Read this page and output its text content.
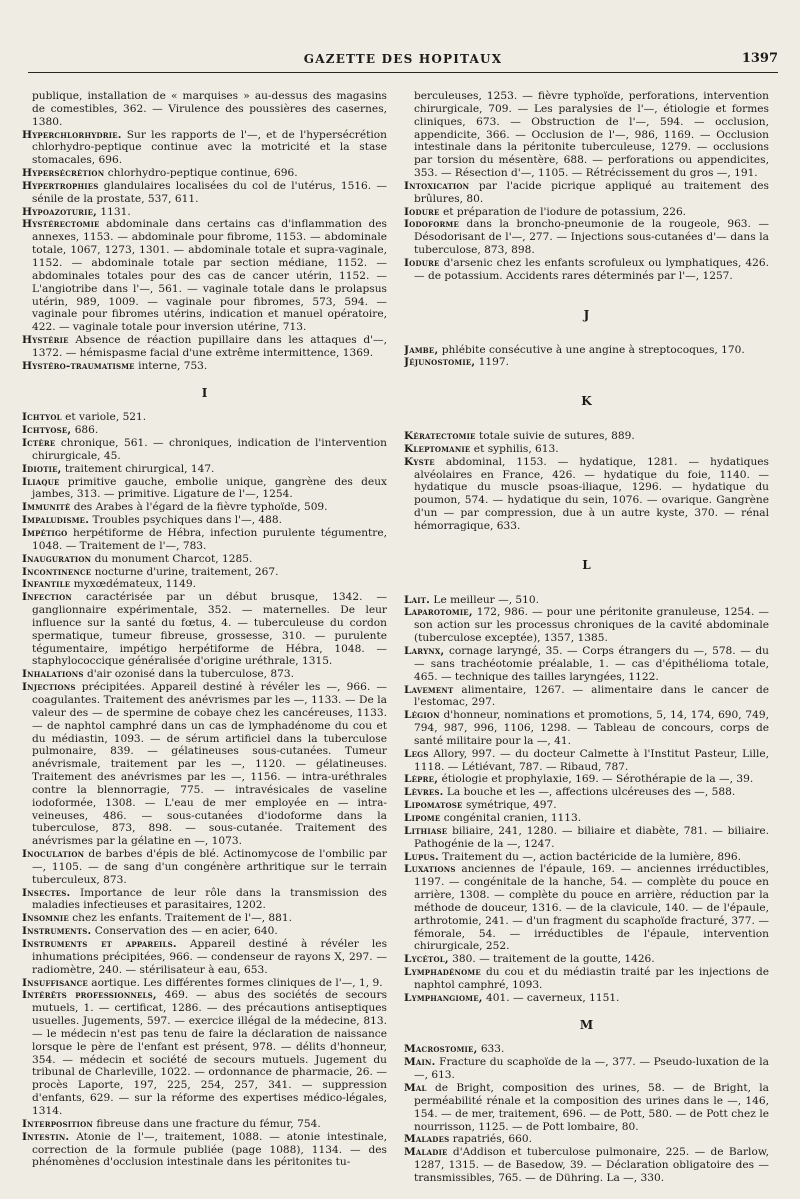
GAZETTE DES HOPITAUX	1397

publique, installation de « marquises » au-dessus des magasins de comestibles, 362. — Virulence des poussières des casernes, 1380.

Hyperchlorhydrie. Sur les rapports de l'—, et de l'hypersécrétion chlorhydro-peptique continue avec la motricité et la stase stomacales, 696.

Hypersécrétion chlorhydro-peptique continue, 696.

Hypertrophies glandulaires localisées du col de l'utérus, 1516. — sénile de la prostate, 537, 611.

Hypoazoturie, 1131.

Hystérectomie abdominale dans certains cas d'inflammation des annexes, 1153. — abdominale pour fibrome, 1153. — abdominale totale, 1067, 1273, 1301. — abdominale totale et supra-vaginale, 1152. — abdominale totale par section médiane, 1152. — abdominales totales pour des cas de cancer utérin, 1152. — L'angiotribe dans l'—, 561. — vaginale totale dans le prolapsus utérin, 989, 1009. — vaginale pour fibromes, 573, 594. — vaginale pour fibromes utérins, indication et manuel opératoire, 422. — vaginale totale pour inversion utérine, 713.

Hystérie Absence de réaction pupillaire dans les attaques d'—, 1372. — hémispasme facial d'une extrême intermittence, 1369.

Hystéro-traumatisme interne, 753.

I

Ichtyol et variole, 521.

Ichtyose, 686.

Ictère chronique, 561. — chroniques, indication de l'intervention chirurgicale, 45.

Idiotie, traitement chirurgical, 147.

Iliaque primitive gauche, embolie unique, gangrène des deux jambes, 313. — primitive. Ligature de l'—, 1254.

Immunité des Arabes à l'égard de la fièvre typhoïde, 509.

Impaludisme. Troubles psychiques dans l'—, 488.

Impétigo herpétiforme de Hébra, infection purulente tégumentre, 1048. — Traitement de l'—, 783.

Inauguration du monument Charcot, 1285.

Incontinence nocturne d'urine, traitement, 267.

Infantile myxœdémateux, 1149.

Infection caractérisée par un début brusque, 1342. — ganglionnaire expérimentale, 352. — maternelles. De leur influence sur la santé du fœtus, 4. — tuberculeuse du cordon spermatique, tumeur fibreuse, grossesse, 310. — purulente tégumentaire, impétigo herpétiforme de Hébra, 1048. — staphylococcique généralisée d'origine uréthrale, 1315.

Inhalations d'air ozonisé dans la tuberculose, 873.

Injections précipitées. Appareil destiné à révéler les —, 966. — coagulantes. Traitement des anévrismes par les —, 1133. — De la valeur des — de spermine de cobaye chez les cancéreuses, 1133. — de naphtol camphré dans un cas de lymphadénome du cou et du médiastin, 1093. — de sérum artificiel dans la tuberculose pulmonaire, 839. — gélatineuses sous-cutanées. Tumeur anévrismale, traitement par les —, 1120. — gélatineuses. Traitement des anévrismes par les —, 1156. — intra-uréthrales contre la blennorragie, 775. — intravésicales de vaseline iodoformée, 1308. — L'eau de mer employée en — intra-veineuses, 486. — sous-cutanées d'iodoforme dans la tuberculose, 873, 898. — sous-cutanée. Traitement des anévrismes par la gélatine en —, 1073.

Inoculation de barbes d'épis de blé. Actinomycose de l'ombilic par —, 1105. — de sang d'un congénère arthritique sur le terrain tuberculeux, 873.

Insectes. Importance de leur rôle dans la transmission des maladies infectieuses et parasitaires, 1202.

Insomnie chez les enfants. Traitement de l'—, 881.

Instruments. Conservation des — en acier, 640.

Instruments et appareils. Appareil destiné à révéler les inhumations précipitées, 966. — condenseur de rayons X, 297. — radiomètre, 240. — stérilisateur à eau, 653.

Insuffisance aortique. Les différentes formes cliniques de l'—, 1, 9.

Intérêts professionnels, 469. — abus des sociétés de secours mutuels, 1. — certificat, 1286. — des précautions antiseptiques usuelles. Jugements, 597. — exercice illégal de la médecine, 813. — le médecin n'est pas tenu de faire la déclaration de naissance lorsque le père de l'enfant est présent, 978. — délits d'honneur, 354. — médecin et société de secours mutuels. Jugement du tribunal de Charleville, 1022. — ordonnance de pharmacie, 26. — procès Laporte, 197, 225, 254, 257, 341. — suppression d'enfants, 629. — sur la réforme des expertises médico-légales, 1314.

Interposition fibreuse dans une fracture du fémur, 754.

Intestin. Atonie de l'—, traitement, 1088. — atonie intestinale, correction de la formule publiée (page 1088), 1134. — des phénomènes d'occlusion intestinale dans les péritonites tu-

berculeuses, 1253. — fièvre typhoïde, perforations, intervention chirurgicale, 709. — Les paralysies de l'—, étiologie et formes cliniques, 673. — Obstruction de l'—, 594. — occlusion, appendicite, 366. — Occlusion de l'—, 986, 1169. — Occlusion intestinale dans la péritonite tuberculeuse, 1279. — occlusions par torsion du mésentère, 688. — perforations ou appendicites, 353. — Résection d'—, 1105. — Rétrécissement du gros —, 191.

Intoxication par l'acide picrique appliqué au traitement des brûlures, 80.

Iodure et préparation de l'iodure de potassium, 226.

Iodoforme dans la broncho-pneumonie de la rougeole, 963. — Désodorisant de l'—, 277. — Injections sous-cutanées d'— dans la tuberculose, 873, 898.

Iodure d'arsenic chez les enfants scrofuleux ou lymphatiques, 426. — de potassium. Accidents rares déterminés par l'—, 1257.

J

Jambe, phlébite consécutive à une angine à streptocoques, 170.

Jéjunostomie, 1197.

K

Kératectomie totale suivie de sutures, 889.

Kleptomanie et syphilis, 613.

Kyste abdominal, 1153. — hydatique, 1281. — hydatiques alvéolaires en France, 426. — hydatique du foie, 1140. — hydatique du muscle psoas-iliaque, 1296. — hydatique du poumon, 574. — hydatique du sein, 1076. — ovarique. Gangrène d'un — par compression, due à un autre kyste, 370. — rénal hémorragique, 633.

L

Lait. Le meilleur —, 510.

Laparotomie, 172, 986. — pour une péritonite granuleuse, 1254. — son action sur les processus chroniques de la cavité abdominale (tuberculose exceptée), 1357, 1385.

Larynx, cornage laryngé, 35. — Corps étrangers du —, 578. — du — sans trachéotomie préalable, 1. — cas d'épithélioma totale, 465. — technique des tailles laryngées, 1122.

Lavement alimentaire, 1267. — alimentaire dans le cancer de l'estomac, 297.

Légion d'honneur, nominations et promotions, 5, 14, 174, 690, 749, 794, 987, 996, 1106, 1298. — Tableau de concours, corps de santé militaire pour la —, 41.

Legs Allory, 997. — du docteur Calmette à l'Institut Pasteur, Lille, 1118. — Létiévant, 787. — Ribaud, 787.

Lèpre, étiologie et prophylaxie, 169. — Sérothérapie de la —, 39.

Lèvres. La bouche et les —, affections ulcéreuses des —, 588.

Lipomatose symétrique, 497.

Lipome congénital cranien, 1113.

Lithiase biliaire, 241, 1280. — biliaire et diabète, 781. — biliaire. Pathogénie de la —, 1247.

Lupus. Traitement du —, action bactéricide de la lumière, 896.

Luxations anciennes de l'épaule, 169. — anciennes irréductibles, 1197. — congénitale de la hanche, 54. — complète du pouce en arrière, 1308. — complète du pouce en arrière, réduction par la méthode de douceur, 1316. — de la clavicule, 140. — de l'épaule, arthrotomie, 241. — d'un fragment du scaphoïde fracturé, 377. — fémorale, 54. — irréductibles de l'épaule, intervention chirurgicale, 252.

Lycétol, 380. — traitement de la goutte, 1426.

Lymphadénome du cou et du médiastin traité par les injections de naphtol camphré, 1093.

Lymphangiome, 401. — caverneux, 1151.

M

Macrostomie, 633.

Main. Fracture du scaphoïde de la —, 377. — Pseudo-luxation de la —, 613.

Mal de Bright, composition des urines, 58. — de Bright, la perméabilité rénale et la composition des urines dans le —, 146, 154. — de mer, traitement, 696. — de Pott, 580. — de Pott chez le nourrisson, 1125. — de Pott lombaire, 80.

Malades rapatriés, 660.

Maladie d'Addison et tuberculose pulmonaire, 225. — de Barlow, 1287, 1315. — de Basedow, 39. — Déclaration obligatoire des — transmissibles, 765. — de Dühring. La —, 330.
